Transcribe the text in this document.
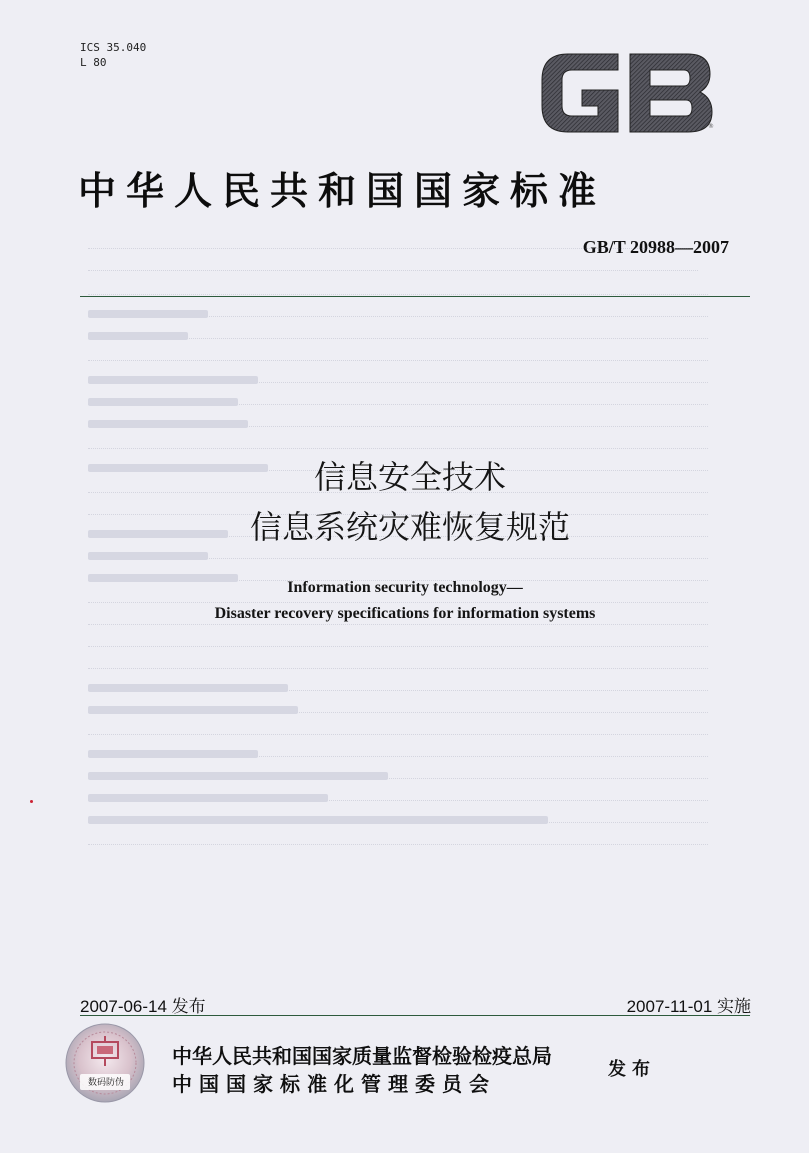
ICS 35.040
L 80
®
中华人民共和国国家标准
GB/T 20988—2007
信息安全技术
信息系统灾难恢复规范
Information security technology—
Disaster recovery specifications for information systems
2007-06-14 发布	2007-11-01 实施
数码防伪
中华人民共和国国家质量监督检验检疫总局
中国国家标准化管理委员会
发布
